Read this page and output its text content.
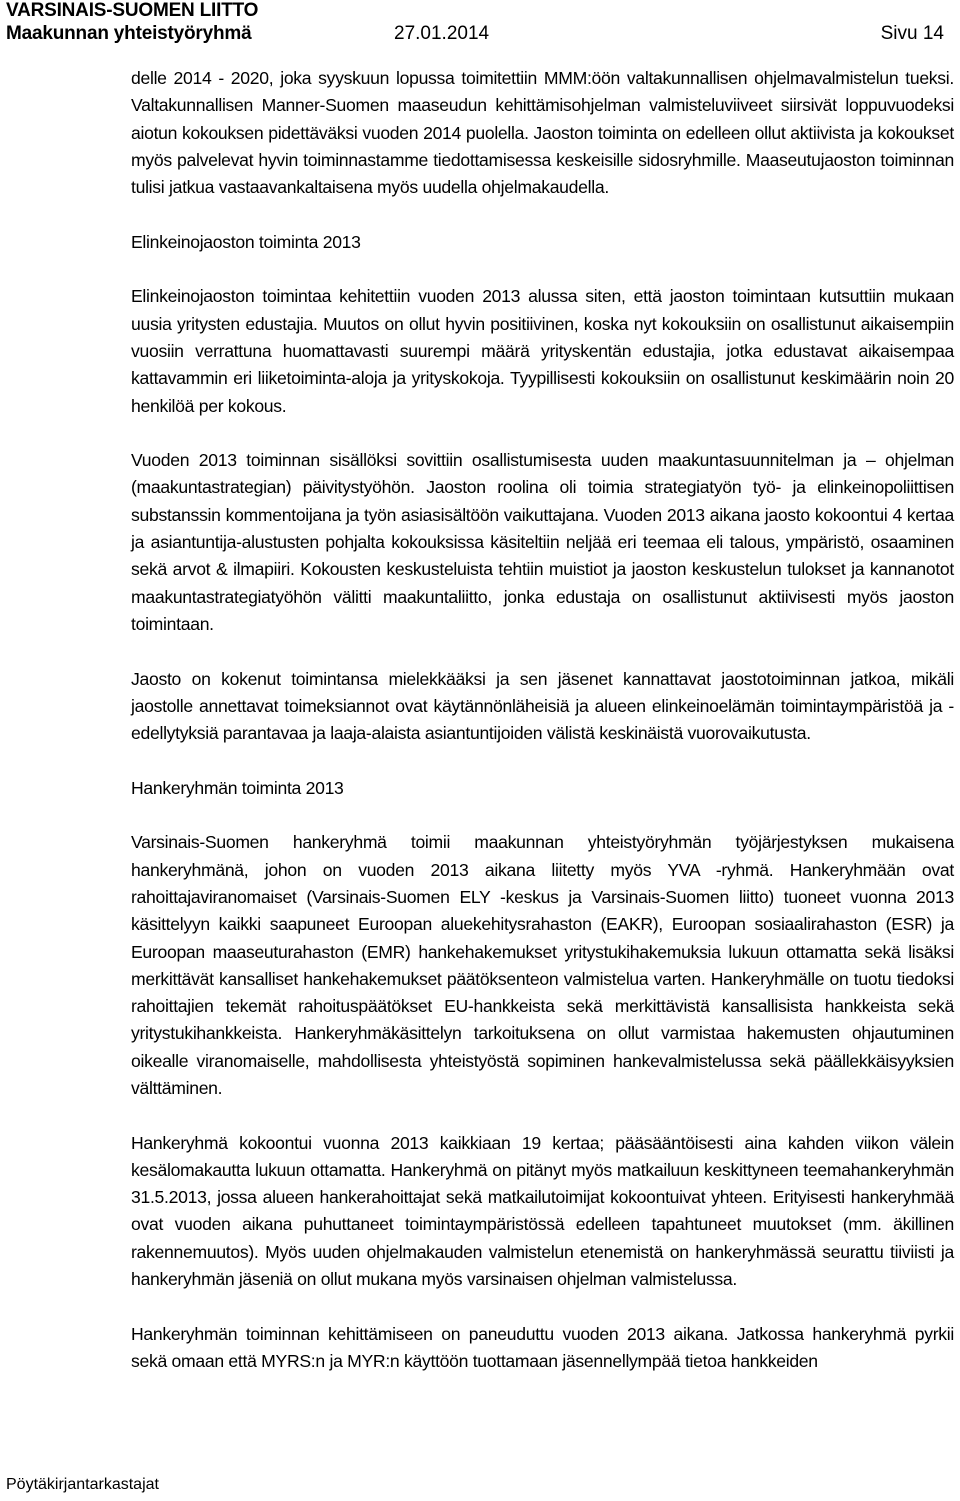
VARSINAIS-SUOMEN LIITTO
Maakunnan yhteistyöryhmä	27.01.2014	Sivu 14

delle 2014 - 2020, joka syyskuun lopussa toimitettiin MMM:öön valtakunnallisen ohjelmavalmistelun tueksi. Valtakunnallisen Manner-Suomen maaseudun kehittämisohjelman valmisteluviiveet siirsivät loppuvuodeksi aiotun kokouksen pidettäväksi vuoden 2014 puolella. Jaoston toiminta on edelleen ollut aktiivista ja kokoukset myös palvelevat hyvin toiminnastamme tiedottamisessa keskeisille sidosryhmille. Maaseutujaoston toiminnan tulisi jatkua vastaavankaltaisena myös uudella ohjelmakaudella.

Elinkeinojaoston toiminta 2013

Elinkeinojaoston toimintaa kehitettiin vuoden 2013 alussa siten, että jaoston toimintaan kutsuttiin mukaan uusia yritysten edustajia. Muutos on ollut hyvin positiivinen, koska nyt kokouksiin on osallistunut aikaisempiin vuosiin verrattuna huomattavasti suurempi määrä yrityskentän edustajia, jotka edustavat aikaisempaa kattavammin eri liiketoiminta-aloja ja yrityskokoja. Tyypillisesti kokouksiin on osallistunut keskimäärin noin 20 henkilöä per kokous.

Vuoden 2013 toiminnan sisällöksi sovittiin osallistumisesta uuden maakuntasuunnitelman ja – ohjelman (maakuntastrategian) päivitystyöhön. Jaoston roolina oli toimia strategiatyön työ- ja elinkeinopoliittisen substanssin kommentoijana ja työn asiasisältöön vaikuttajana. Vuoden 2013 aikana jaosto kokoontui 4 kertaa ja asiantuntija-alustusten pohjalta kokouksissa käsiteltiin neljää eri teemaa eli talous, ympäristö, osaaminen sekä arvot & ilmapiiri. Kokousten keskusteluista tehtiin muistiot ja jaoston keskustelun tulokset ja kannanotot maakuntastrategiatyöhön välitti maakuntaliitto, jonka edustaja on osallistunut aktiivisesti myös jaoston toimintaan.

Jaosto on kokenut toimintansa mielekkääksi ja sen jäsenet kannattavat jaostotoiminnan jatkoa, mikäli jaostolle annettavat toimeksiannot ovat käytännönläheisiä ja alueen elinkeinoelämän toimintaympäristöä ja -edellytyksiä parantavaa ja laaja-alaista asiantuntijoiden välistä keskinäistä vuorovaikutusta.

Hankeryhmän toiminta 2013

Varsinais-Suomen hankeryhmä toimii maakunnan yhteistyöryhmän työjärjestyksen mukaisena hankeryhmänä, johon on vuoden 2013 aikana liitetty myös YVA -ryhmä. Hankeryhmään ovat rahoittajaviranomaiset (Varsinais-Suomen ELY -keskus ja Varsinais-Suomen liitto) tuoneet vuonna 2013 käsittelyyn kaikki saapuneet Euroopan aluekehitysrahaston (EAKR), Euroopan sosiaalirahaston (ESR) ja Euroopan maaseuturahaston (EMR) hankehakemukset yritystukihakemuksia lukuun ottamatta sekä lisäksi merkittävät kansalliset hankehakemukset päätöksenteon valmistelua varten. Hankeryhmälle on tuotu tiedoksi rahoittajien tekemät rahoituspäätökset EU-hankkeista sekä merkittävistä kansallisista hankkeista sekä yritystukihankkeista. Hankeryhmäkäsittelyn tarkoituksena on ollut varmistaa hakemusten ohjautuminen oikealle viranomaiselle, mahdollisesta yhteistyöstä sopiminen hankevalmistelussa sekä päällekkäisyyksien välttäminen.

Hankeryhmä kokoontui vuonna 2013 kaikkiaan 19 kertaa; pääsääntöisesti aina kahden viikon välein kesälomakautta lukuun ottamatta. Hankeryhmä on pitänyt myös matkailuun keskittyneen teemahankeryhmän 31.5.2013, jossa alueen hankerahoittajat sekä matkailutoimijat kokoontuivat yhteen. Erityisesti hankeryhmää ovat vuoden aikana puhuttaneet toimintaympäristössä edelleen tapahtuneet muutokset (mm. äkillinen rakennemuutos). Myös uuden ohjelmakauden valmistelun etenemistä on hankeryhmässä seurattu tiiviisti ja hankeryhmän jäseniä on ollut mukana myös varsinaisen ohjelman valmistelussa.

Hankeryhmän toiminnan kehittämiseen on paneuduttu vuoden 2013 aikana. Jatkossa hankeryhmä pyrkii sekä omaan että MYRS:n ja MYR:n käyttöön tuottamaan jäsennellympää tietoa hankkeiden

Pöytäkirjantarkastajat
